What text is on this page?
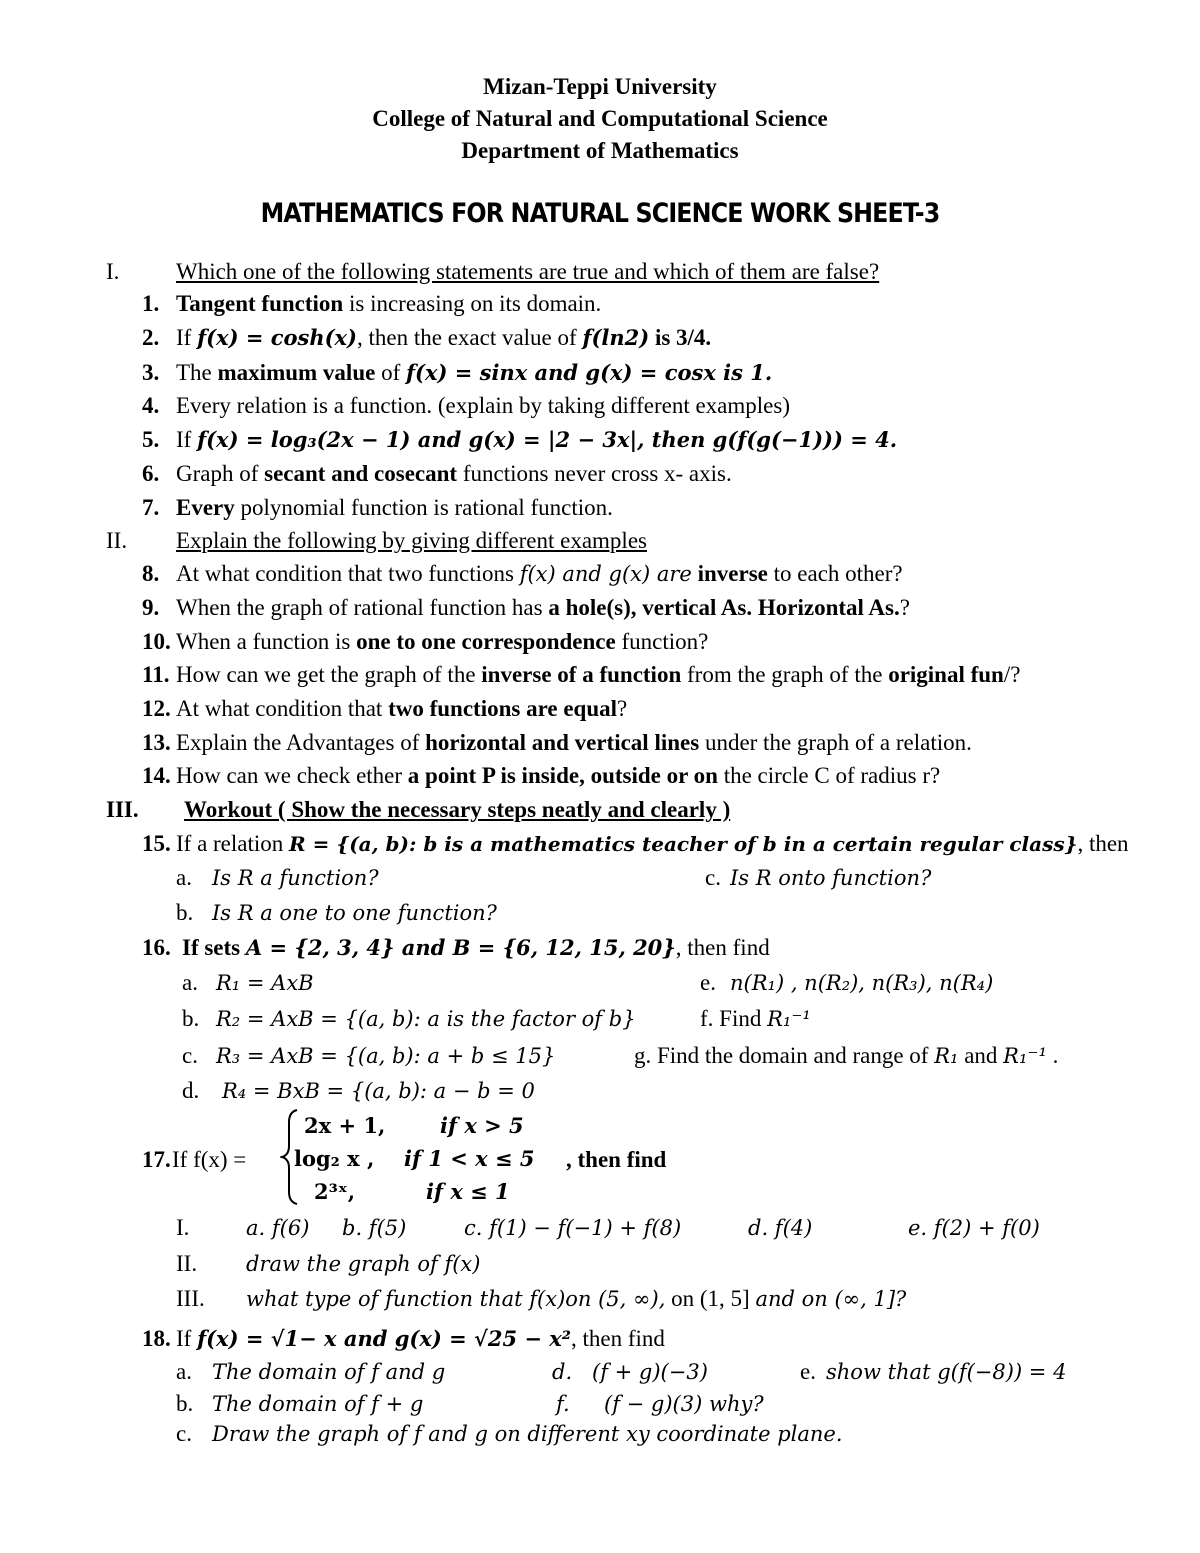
Mizan-Teppi University
College of Natural and Computational Science
Department of Mathematics
MATHEMATICS FOR NATURAL SCIENCE WORK SHEET-3
I. Which one of the following statements are true and which of them are false?
1. Tangent function is increasing on its domain.
2. If f(x) = cosh(x), then the exact value of f(ln2) is 3/4.
3. The maximum value of f(x) = sinx and g(x) = cosx is 1.
4. Every relation is a function. (explain by taking different examples)
5. If f(x) = log₃(2x − 1) and g(x) = |2 − 3x|, then g(f(g(−1))) = 4.
6. Graph of secant and cosecant functions never cross x- axis.
7. Every polynomial function is rational function.
II. Explain the following by giving different examples
8. At what condition that two functions f(x) and g(x) are inverse to each other?
9. When the graph of rational function has a hole(s), vertical As. Horizontal As.?
10. When a function is one to one correspondence function?
11. How can we get the graph of the inverse of a function from the graph of the original fun/?
12. At what condition that two functions are equal?
13. Explain the Advantages of horizontal and vertical lines under the graph of a relation.
14. How can we check ether a point P is inside, outside or on the circle C of radius r?
III. Workout ( Show the necessary steps neatly and clearly )
15. If a relation R = {(a, b): b is a mathematics teacher of b in a certain regular class}, then
a. Is R a function?	c. Is R onto function?
b. Is R a one to one function?
16. If sets A = {2, 3, 4} and B = {6, 12, 15, 20}, then find
a. R₁ = AxB	e. n(R₁) , n(R₂), n(R₃), n(R₄)
b. R₂ = AxB = {(a, b): a is the factor of b}	f. Find R₁⁻¹
c. R₃ = AxB = {(a, b): a + b ≤ 15}	g. Find the domain and range of R₁ and R₁⁻¹ .
d. R₄ = BxB = {(a, b): a − b = 0
17. If f(x) =
2x + 1,	if x > 5
log₂ x , if 1 < x ≤ 5 , then find
2³ˣ,	if x ≤ 1
I.	a. f(6) b. f(5)	c. f(1) − f(−1) + f(8)	d. f(4)	e. f(2) + f(0)
II. draw the graph of f(x)
III. what type of function that f(x)on (5, ∞), on (1, 5] and on (∞, 1]?
18. If f(x) = √1− x and g(x) = √25 − x², then find
a. The domain of f and g	d. (f + g)(−3)	e. show that g(f(−8)) = 4
b. The domain of f + g	f. (f − g)(3) why?
c. Draw the graph of f and g on different xy coordinate plane.
